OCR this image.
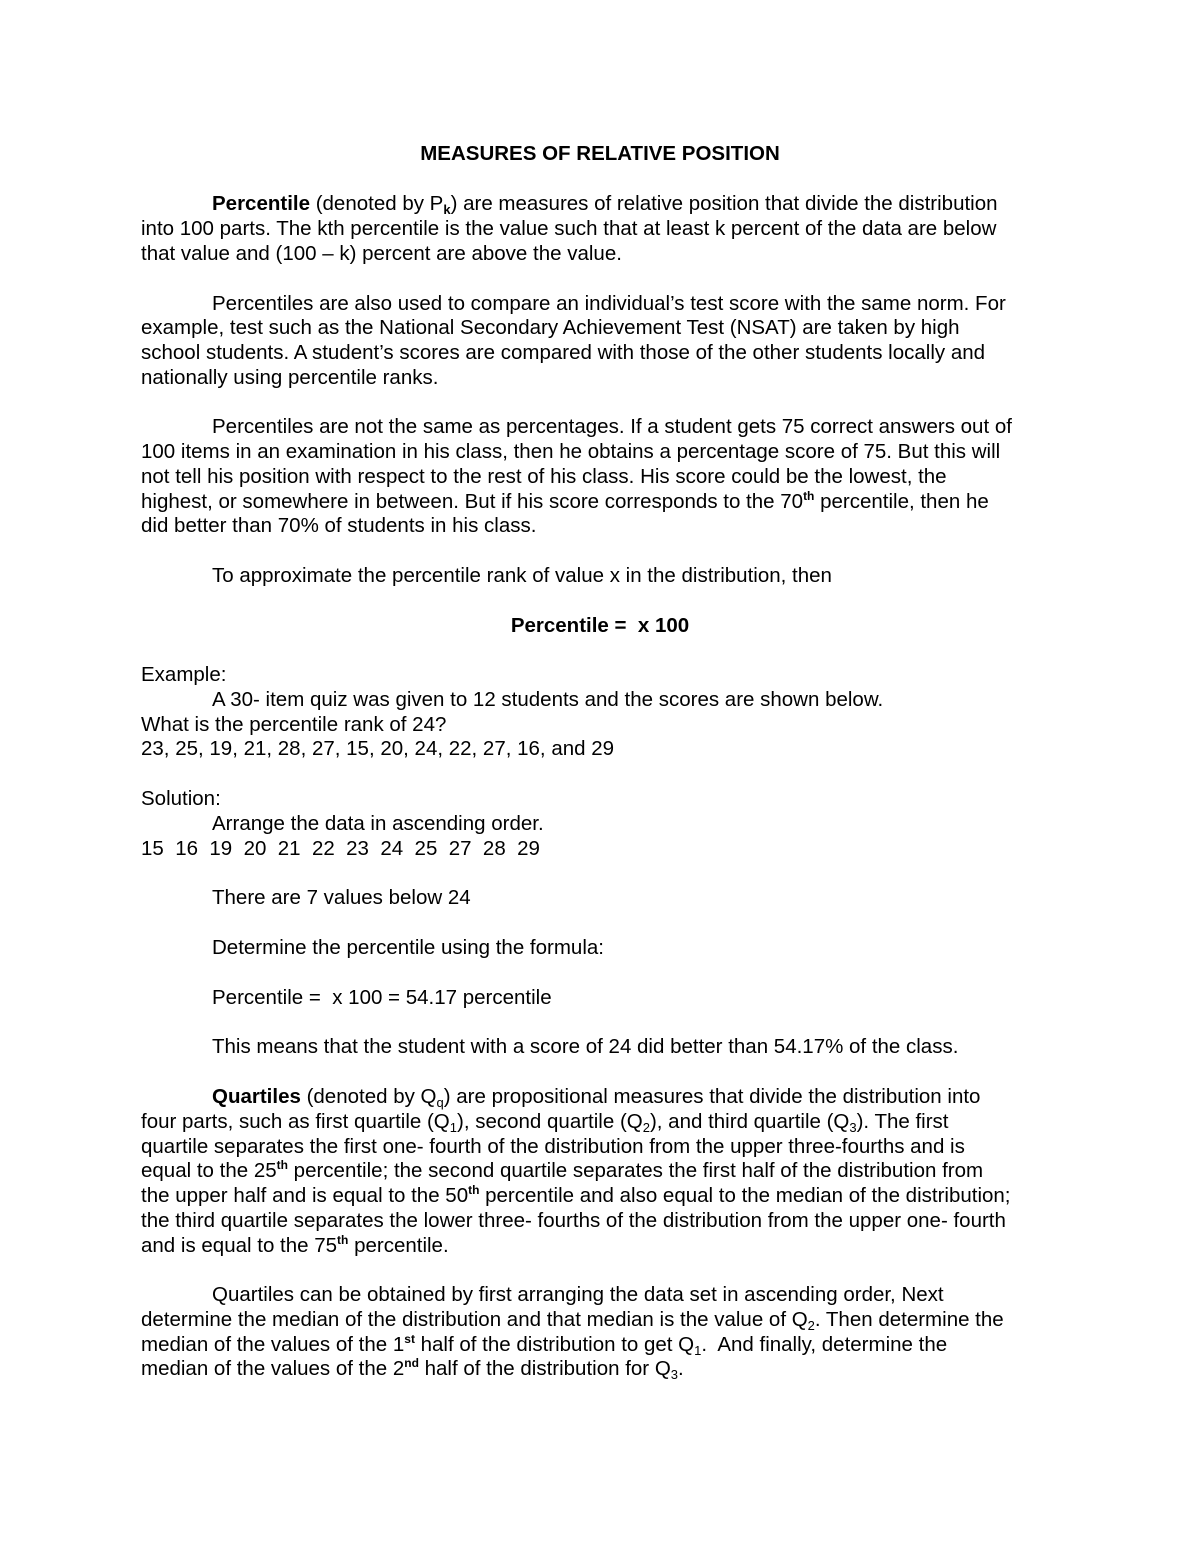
MEASURES OF RELATIVE POSITION
Percentile (denoted by $P_k$) are measures of relative position that divide the distribution
into 100 parts. The kth percentile is the value such that at least k percent of the data are below
that value and (100 – k) percent are above the value.
Percentiles are also used to compare an individual’s test score with the same norm. For
example, test such as the National Secondary Achievement Test (NSAT) are taken by high
school students. A student’s scores are compared with those of the other students locally and
nationally using percentile ranks.
Percentiles are not the same as percentages. If a student gets 75 correct answers out of
100 items in an examination in his class, then he obtains a percentage score of 75. But this will
not tell his position with respect to the rest of his class. His score could be the lowest, the
highest, or somewhere in between. But if his score corresponds to the 70th percentile, then he
did better than 70% of students in his class.
To approximate the percentile rank of value x in the distribution, then
Percentile =  x 100
Example:
A 30- item quiz was given to 12 students and the scores are shown below.
What is the percentile rank of 24?
23, 25, 19, 21, 28, 27, 15, 20, 24, 22, 27, 16, and 29
Solution:
Arrange the data in ascending order.
15  16  19  20  21  22  23  24  25  27  28  29
There are 7 values below 24
Determine the percentile using the formula:
Percentile =  x 100 = 54.17 percentile
This means that the student with a score of 24 did better than 54.17% of the class.
Quartiles (denoted by $Q_q$) are propositional measures that divide the distribution into
four parts, such as first quartile $(Q_1)$, second quartile $(Q_2)$, and third quartile $(Q_3)$. The first
quartile separates the first one- fourth of the distribution from the upper three-fourths and is
equal to the 25th percentile; the second quartile separates the first half of the distribution from
the upper half and is equal to the 50th percentile and also equal to the median of the distribution;
the third quartile separates the lower three- fourths of the distribution from the upper one- fourth
and is equal to the 75th percentile.
Quartiles can be obtained by first arranging the data set in ascending order, Next
determine the median of the distribution and that median is the value of $Q_2$. Then determine the
median of the values of the 1st half of the distribution to get $Q_1$.  And finally, determine the
median of the values of the 2nd half of the distribution for $Q_3$.
